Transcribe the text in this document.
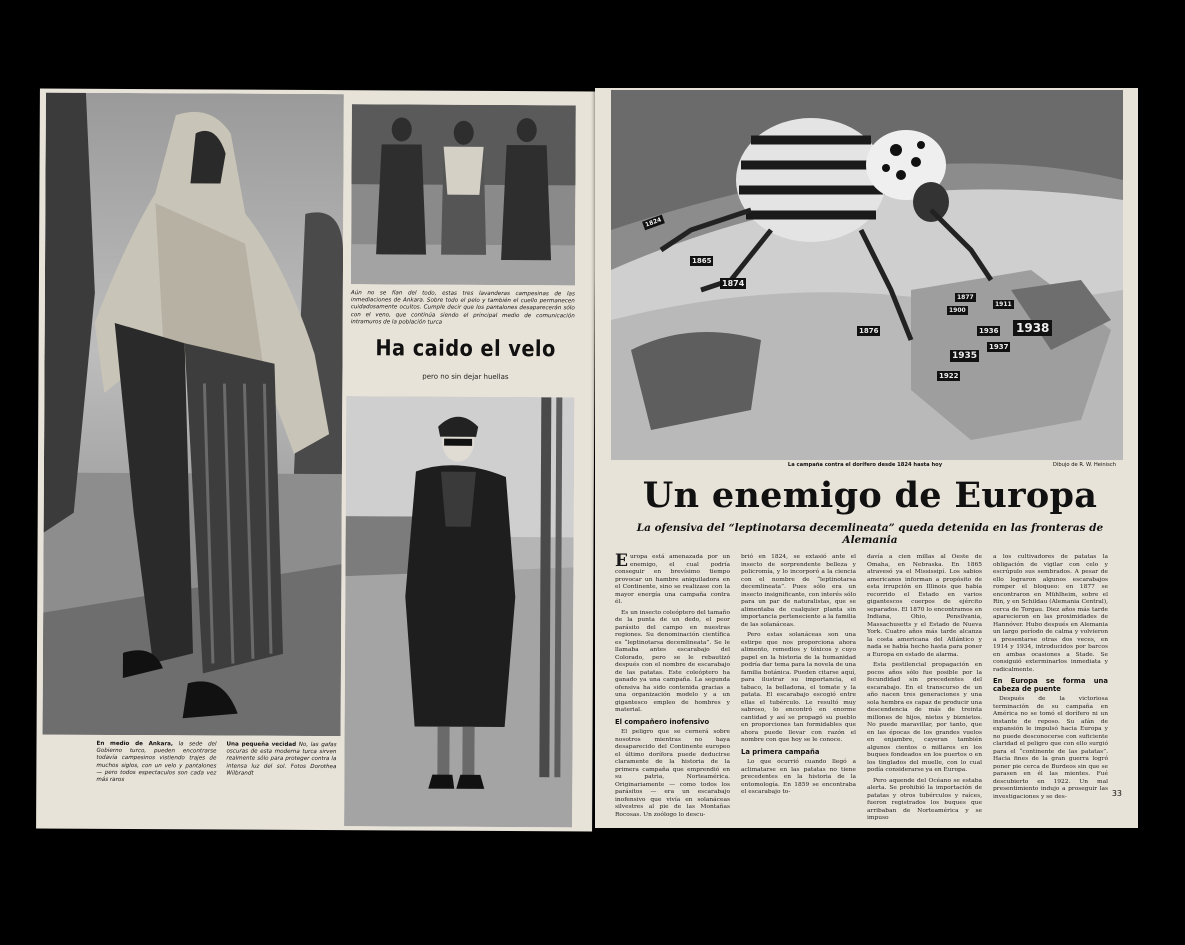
Aún no se fían del todo, estas tres lavanderas campesinas de las inmediaciones de Ankara. Sobre todo el pelo y también el cuello permanecen cuidadosamente ocultos. Cumple decir que los pantalones desaparecerán sólo con el veno, que continúa siendo el principal medio de comunicación intramuros de la población turca
Ha caido el velo
pero no sin dejar huellas
En medio de Ankara, la sede del Gobierno turco, pueden encontrarse todavía campesinos vistiendo trajes de muchos siglos, con un velo y pantalones — pero todos espectaculos son cada vez más raros
Una pequeña vecidad No, las gafas oscuras de esta moderna turca sirven realmente sólo para proteger contra la intensa luz del sol. Fotos Dorothea Wilbrandt
1824
1865
1874
1876
1877
1900
1911
1922
1935
1936
1937
1938
La campaña contra el dorífero desde 1824 hasta hoy	Dibujo de R. W. Heinisch
Un enemigo de Europa
La ofensiva del “leptinotarsa decemlineata” queda detenida en las fronteras de Alemania

Europa está amenazada por un enemigo, el cual podría conseguir en brevísimo tiempo provocar un hambre aniquiladora en el Continente, sino se realizase con la mayor energía una campaña contra él.

Es un insecto coleóptero del tamaño de la punta de un dedo, el peor parásito del campo en nuestras regiones. Su denominación científica es “leptinotarsa decemlineata”. Se le llamaba antes escarabajo del Colorado, pero se le rebautizó después con el nombre de escarabajo de las patatas. Este coleóptero ha ganado ya una campaña. La segunda ofensiva ha sido contenida gracias a una organización modelo y a un gigantesco empleo de hombres y material.

El compañero inofensivo

El peligro que se cernerá sobre nosotros mientras no haya desaparecido del Continente europeo el último dorífora puede deducirse claramente de la historia de la primera campaña que emprendió en su patria, Norteamérica. Originariamente — como todos los parásitos — era un escarabajo inofensivo que vivía en solanáceas silvestres al pie de las Montañas Rocosas. Un zoólogo lo descu-

brió en 1824, se extasió ante el insecto de sorprendente belleza y policromía, y lo incorporó a la ciencia con el nombre de “leptinotarsa decemlineata”. Pues sólo era un insecto insignificante, con interés sólo para un par de naturalistas, que se alimentaba de cualquier planta sin importancia perteneciente a la familia de las solanáceas.

Pero estas solanáceas son una estirpe que nos proporciona ahora alimento, remedios y tóxicos y cuyo papel en la historia de la humanidad podría dar tema para la novela de una familia botánica. Pueden citarse aquí, para ilustrar su importancia, el tabaco, la belladona, el tomate y la patata. El escarabajo escogió entre ellas el tubérculo. Le resultó muy sabroso, lo encontró en enorme cantidad y así se propagó su pueblo en proporciones tan formidables que ahora puede llevar con razón el nombre con que hoy se le conoce.

La primera campaña

Lo que ocurrió cuando llegó a aclimatarse en las patatas no tiene precedentes en la historia de la entomología. En 1859 se encontraba el escarabajo to-

davía a cien millas al Oeste de Omaha, en Nebraska. En 1865 atravesó ya el Mississipí. Los sabios americanos informan a propósito de esta irrupción en Illinois que había recorrido el Estado en varios gigantescos cuerpos de ejército separados. El 1870 lo encontramos en Indiana, Ohio, Pensilvania, Massachusetts y el Estado de Nueva York. Cuatro años más tarde alcanza la costa americana del Atlántico y nada se había hecho hasta para poner a Europa en estado de alarma.

Esta pestilencial propagación en pocos años sólo fue posible por la fecundidad sin precedentes del escarabajo. En el transcurso de un año nacen tres generaciones y una sola hembra es capaz de producir una descendencia de más de treinta millones de hijos, nietos y biznietos. No puede maravillar, por tanto, que en las épocas de los grandes vuelos en enjambre, cayeran también algunos cientos o millares en los buques fondeados en los puertos o en los tinglados del muelle, con lo cual podía considerarse ya en Europa.

Pero aquende del Océano se estaba alerta. Se prohibió la importación de patatas y otros tubérculos y raíces, fueron registrados los buques que arribaban de Norteamérica y se impuso

a los cultivadores de patatas la obligación de vigilar con celo y escrúpulo sus sembrados. A pesar de ello lograron algunos escarabajos romper el bloqueo: en 1877 se encontraron en Mühlheim, sobre el Rin, y en Schildau (Alemania Central), cerca de Torgau. Diez años más tarde aparecieron en las proximidades de Hannóver. Hubo después en Alemania un largo período de calma y volvieron a presentarse otras dos veces, en 1914 y 1934, introducidos por barcos en ambas ocasiones a Stade. Se consiguió exterminarlos inmediata y radicalmente.

En Europa se forma una cabeza de puente

Después de la victoriosa terminación de su campaña en América no se tomó el dorífero ni un instante de reposo. Su afán de expansión le impulsó hacia Europa y no puede desconocerse con suficiente claridad el peligro que con ello surgió para el “continente de las patatas”. Hacia fines de la gran guerra logró poner pie cerca de Burdeos sin que se parasen en él las mientes. Fué descubierto en 1922. Un mal presentimiento indujo a proseguir las investigaciones y se des-	33
